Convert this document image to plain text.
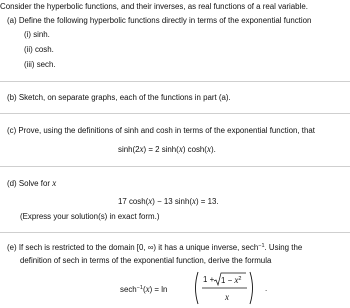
Consider the hyperbolic functions, and their inverses, as real functions of a real variable.
(a) Define the following hyperbolic functions directly in terms of the exponential function
(i) sinh.
(ii) cosh.
(iii) sech.
(b) Sketch, on separate graphs, each of the functions in part (a).
(c) Prove, using the definitions of sinh and cosh in terms of the exponential function, that
sinh(2x) = 2 sinh(x) cosh(x).
(d) Solve for x
17 cosh(x) − 13 sinh(x) = 13.
(Express your solution(s) in exact form.)
(e) If sech is restricted to the domain [0, ∞) it has a unique inverse, sech$^{-1}$. Using the
definition of sech in terms of the exponential function, derive the formula
sech$^{-1}$(x) = ln
$1 + 1 - x^2$
x
.
